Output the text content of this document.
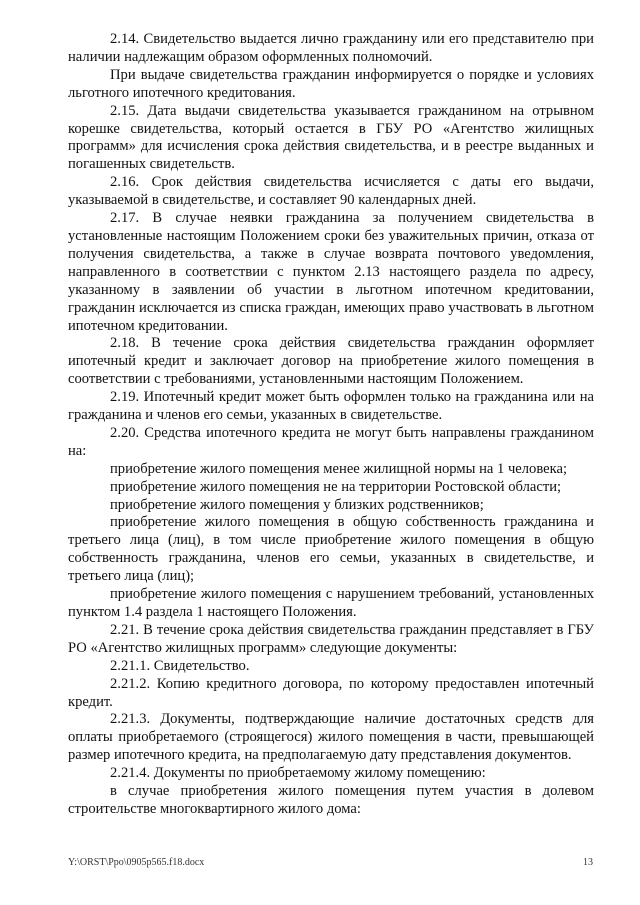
2.14. Свидетельство выдается лично гражданину или его представителю при наличии надлежащим образом оформленных полномочий.

При выдаче свидетельства гражданин информируется о порядке и условиях льготного ипотечного кредитования.

2.15. Дата выдачи свидетельства указывается гражданином на отрывном корешке свидетельства, который остается в ГБУ РО «Агентство жилищных программ» для исчисления срока действия свидетельства, и в реестре выданных и погашенных свидетельств.

2.16. Срок действия свидетельства исчисляется с даты его выдачи, указываемой в свидетельстве, и составляет 90 календарных дней.

2.17. В случае неявки гражданина за получением свидетельства в установленные настоящим Положением сроки без уважительных причин, отказа от получения свидетельства, а также в случае возврата почтового уведомления, направленного в соответствии с пунктом 2.13 настоящего раздела по адресу, указанному в заявлении об участии в льготном ипотечном кредитовании, гражданин исключается из списка граждан, имеющих право участвовать в льготном ипотечном кредитовании.

2.18. В течение срока действия свидетельства гражданин оформляет ипотечный кредит и заключает договор на приобретение жилого помещения в соответствии с требованиями, установленными настоящим Положением.

2.19. Ипотечный кредит может быть оформлен только на гражданина или на гражданина и членов его семьи, указанных в свидетельстве.

2.20. Средства ипотечного кредита не могут быть направлены гражданином на:

приобретение жилого помещения менее жилищной нормы на 1 человека;

приобретение жилого помещения не на территории Ростовской области;

приобретение жилого помещения у близких родственников;

приобретение жилого помещения в общую собственность гражданина и третьего лица (лиц), в том числе приобретение жилого помещения в общую собственность гражданина, членов его семьи, указанных в свидетельстве, и третьего лица (лиц);

приобретение жилого помещения с нарушением требований, установленных пунктом 1.4 раздела 1 настоящего Положения.

2.21. В течение срока действия свидетельства гражданин представляет в ГБУ РО «Агентство жилищных программ» следующие документы:

2.21.1. Свидетельство.

2.21.2. Копию кредитного договора, по которому предоставлен ипотечный кредит.

2.21.3. Документы, подтверждающие наличие достаточных средств для оплаты приобретаемого (строящегося) жилого помещения в части, превышающей размер ипотечного кредита, на предполагаемую дату представления документов.

2.21.4. Документы по приобретаемому жилому помещению:

в случае приобретения жилого помещения путем участия в долевом строительстве многоквартирного жилого дома:

Y:\ORST\Ppo\0905p565.f18.docx	13
